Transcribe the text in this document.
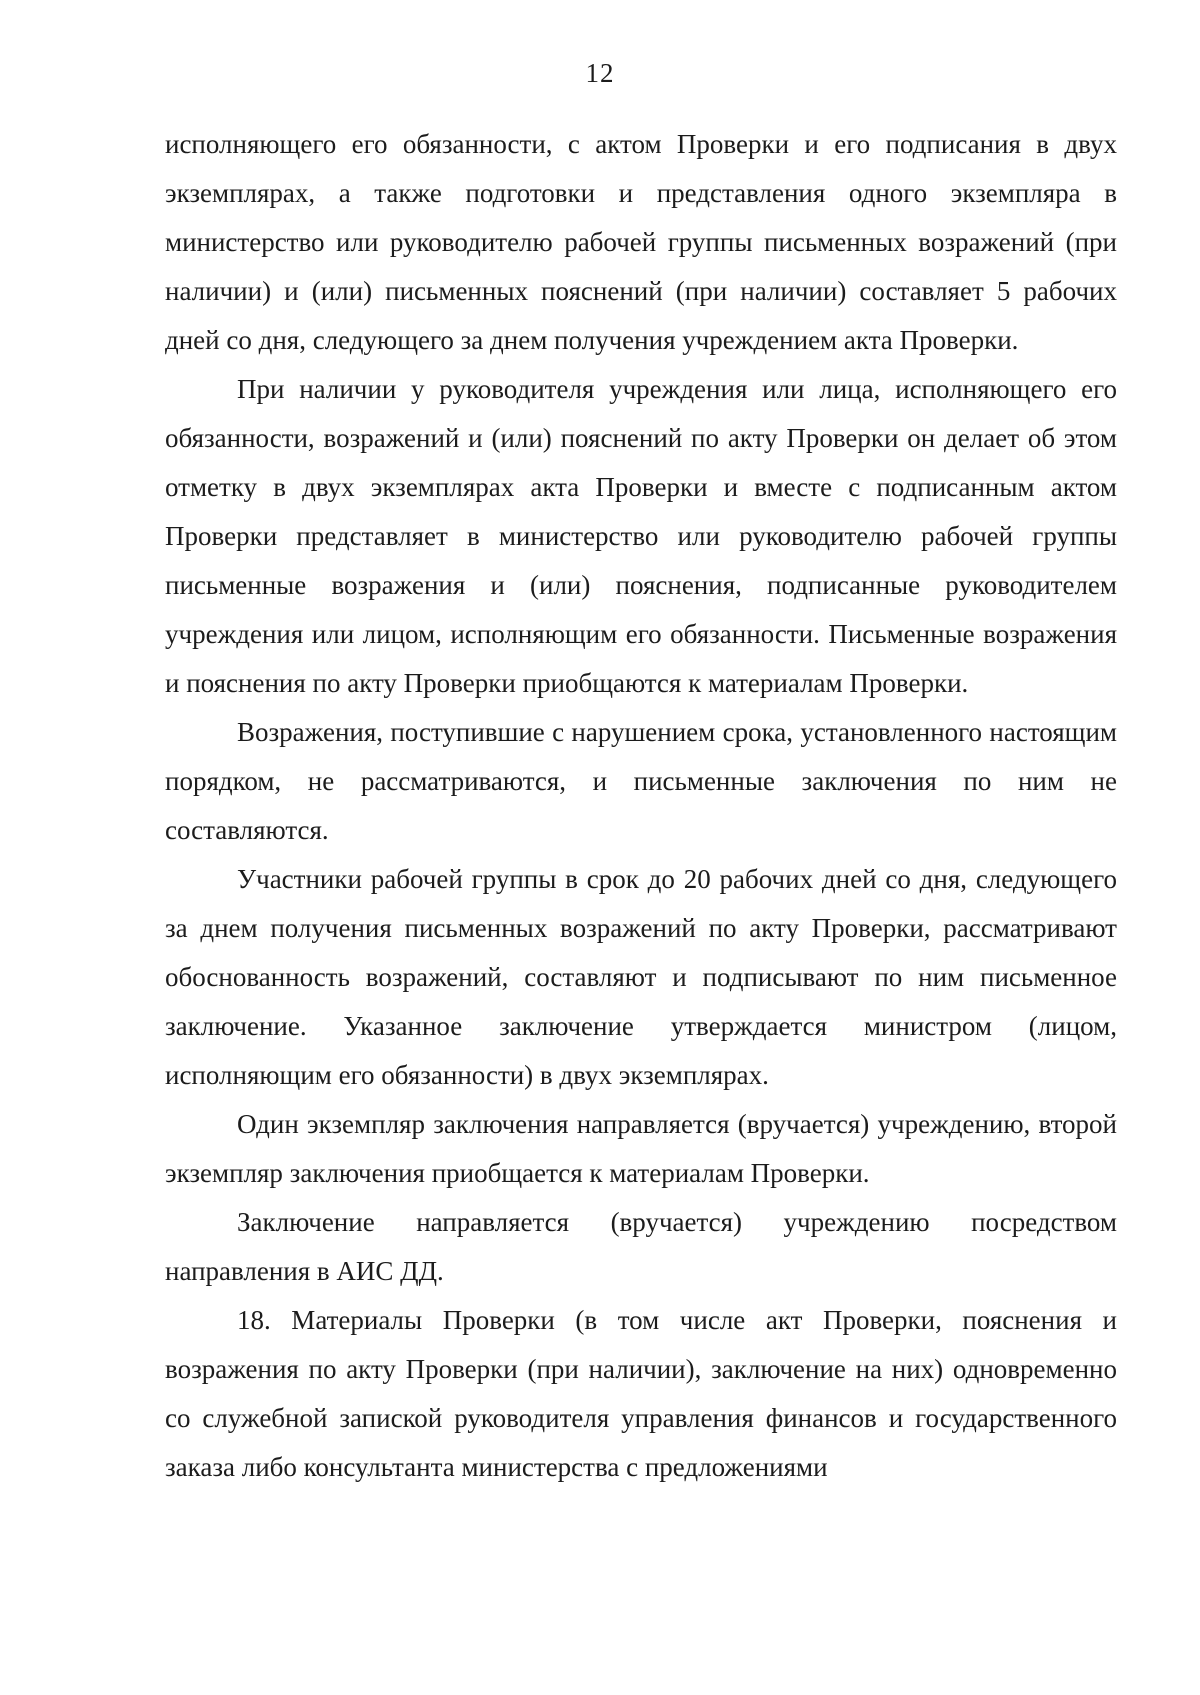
12

исполняющего его обязанности, с актом Проверки и его подписания в двух экземплярах, а также подготовки и представления одного экземпляра в министерство или руководителю рабочей группы письменных возражений (при наличии) и (или) письменных пояснений (при наличии) составляет 5 рабочих дней со дня, следующего за днем получения учреждением акта Проверки.

При наличии у руководителя учреждения или лица, исполняющего его обязанности, возражений и (или) пояснений по акту Проверки он делает об этом отметку в двух экземплярах акта Проверки и вместе с подписанным актом Проверки представляет в министерство или руководителю рабочей группы письменные возражения и (или) пояснения, подписанные руководителем учреждения или лицом, исполняющим его обязанности. Письменные возражения и пояснения по акту Проверки приобщаются к материалам Проверки.

Возражения, поступившие с нарушением срока, установленного настоящим порядком, не рассматриваются, и письменные заключения по ним не составляются.

Участники рабочей группы в срок до 20 рабочих дней со дня, следующего за днем получения письменных возражений по акту Проверки, рассматривают обоснованность возражений, составляют и подписывают по ним письменное заключение. Указанное заключение утверждается министром (лицом, исполняющим его обязанности) в двух экземплярах.

Один экземпляр заключения направляется (вручается) учреждению, второй экземпляр заключения приобщается к материалам Проверки.

Заключение направляется (вручается) учреждению посредством направления в АИС ДД.

18. Материалы Проверки (в том числе акт Проверки, пояснения и возражения по акту Проверки (при наличии), заключение на них) одновременно со служебной запиской руководителя управления финансов и государственного заказа либо консультанта министерства с предложениями
